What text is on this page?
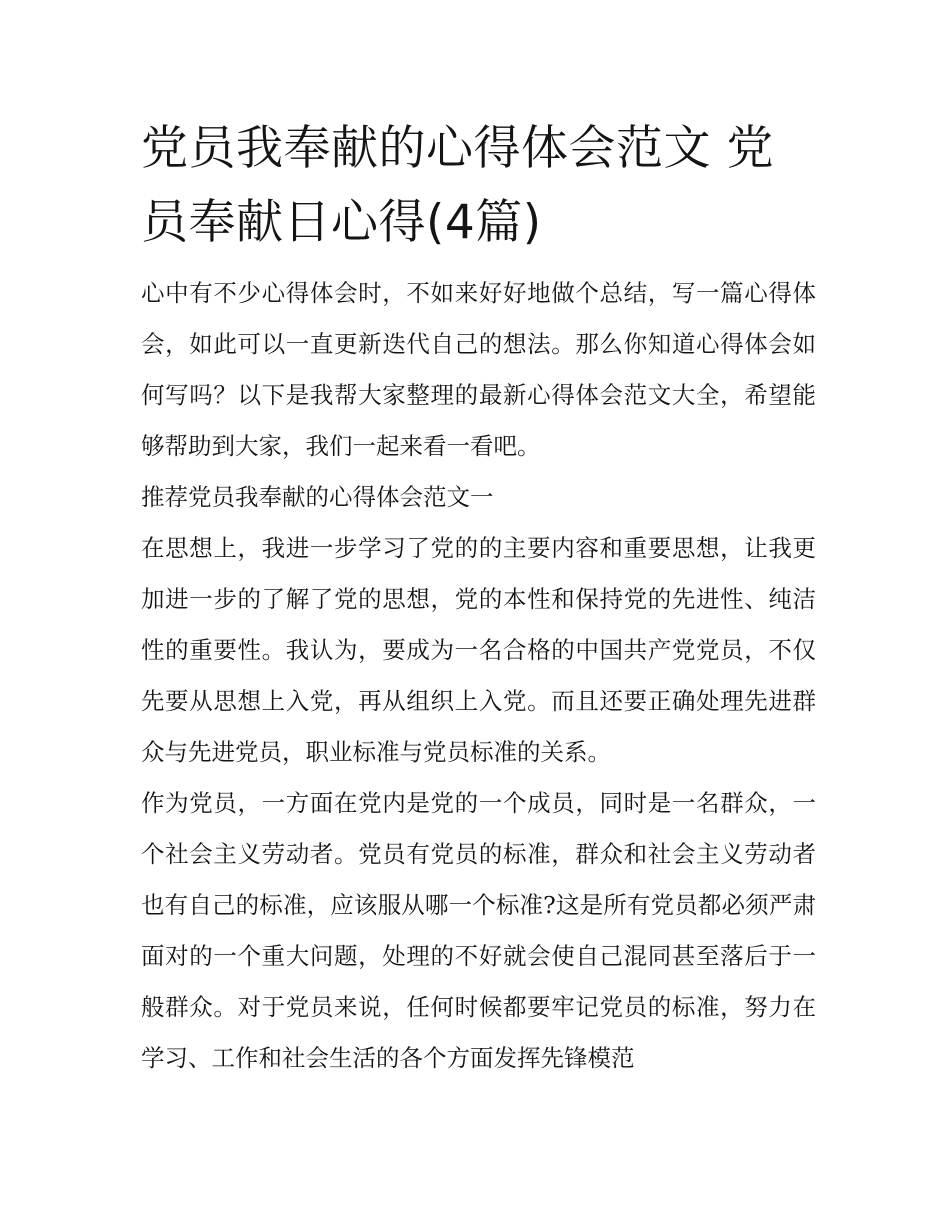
党员我奉献的心得体会范文 党员奉献日心得(4篇)

心中有不少心得体会时，不如来好好地做个总结，写一篇心得体会，如此可以一直更新迭代自己的想法。那么你知道心得体会如何写吗？以下是我帮大家整理的最新心得体会范文大全，希望能够帮助到大家，我们一起来看一看吧。

推荐党员我奉献的心得体会范文一

在思想上，我进一步学习了党的的主要内容和重要思想，让我更加进一步的了解了党的思想，党的本性和保持党的先进性、纯洁性的重要性。我认为，要成为一名合格的中国共产党党员，不仅先要从思想上入党，再从组织上入党。而且还要正确处理先进群众与先进党员，职业标准与党员标准的关系。

作为党员，一方面在党内是党的一个成员，同时是一名群众，一个社会主义劳动者。党员有党员的标准，群众和社会主义劳动者也有自己的标准，应该服从哪一个标准?这是所有党员都必须严肃面对的一个重大问题，处理的不好就会使自己混同甚至落后于一般群众。对于党员来说，任何时候都要牢记党员的标准，努力在学习、工作和社会生活的各个方面发挥先锋模范
